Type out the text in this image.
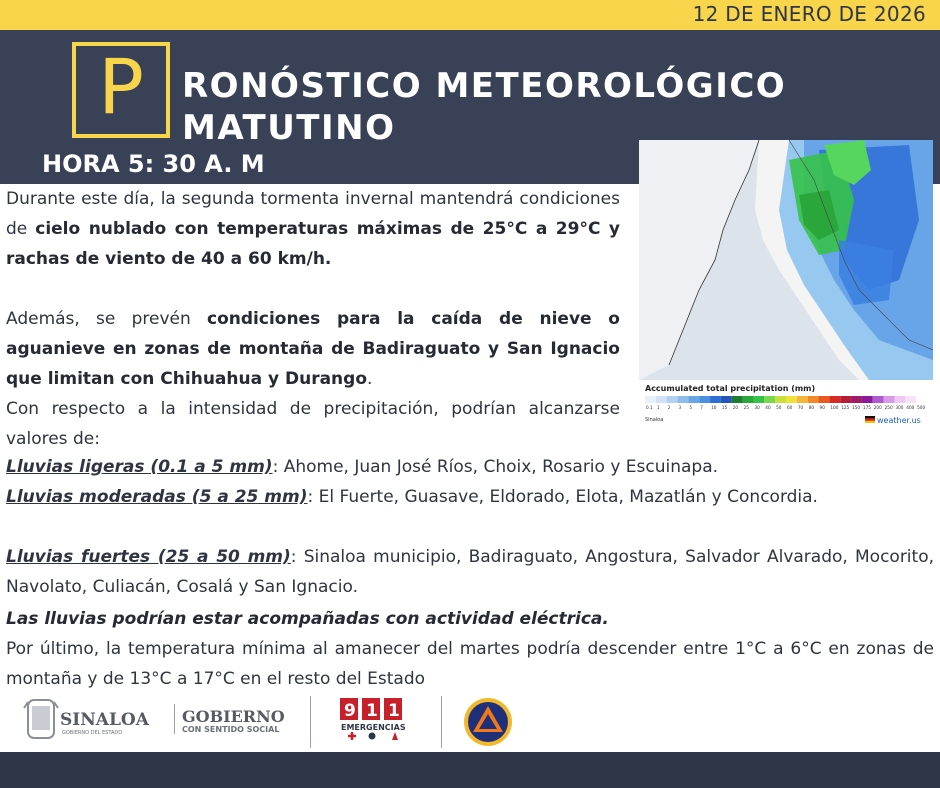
12 DE ENERO DE 2026
P	RONÓSTICO METEOROLÓGICO
MATUTINO
HORA 5: 30 A. M
Accumulated total precipitation (mm)
0.1 1 2 3 5 7 10 15 20 25 30 40 50 60 70 80 90 100 125 150 175 200 250 300 400 500
Sinaloa	weather.us
Durante este día, la segunda tormenta invernal mantendrá condiciones de cielo nublado con temperaturas máximas de 25°C a 29°C y rachas de viento de 40 a 60 km/h.
Además, se prevén condiciones para la caída de nieve o aguanieve en zonas de montaña de Badiraguato y San Ignacio que limitan con Chihuahua y Durango.
Con respecto a la intensidad de precipitación, podrían alcanzarse valores de:
Lluvias ligeras (0.1 a 5 mm): Ahome, Juan José Ríos, Choix, Rosario y Escuinapa.
Lluvias moderadas (5 a 25 mm): El Fuerte, Guasave, Eldorado, Elota, Mazatlán y Concordia.
Lluvias fuertes (25 a 50 mm): Sinaloa municipio, Badiraguato, Angostura, Salvador Alvarado, Mocorito, Navolato, Culiacán, Cosalá y San Ignacio.
Las lluvias podrían estar acompañadas con actividad eléctrica.
Por último, la temperatura mínima al amanecer del martes podría descender entre 1°C a 6°C en zonas de montaña y de 13°C a 17°C en el resto del Estado
SINALOA
GOBIERNO DEL ESTADO
GOBIERNO
CON SENTIDO SOCIAL
9 1 1
EMERGENCIAS
